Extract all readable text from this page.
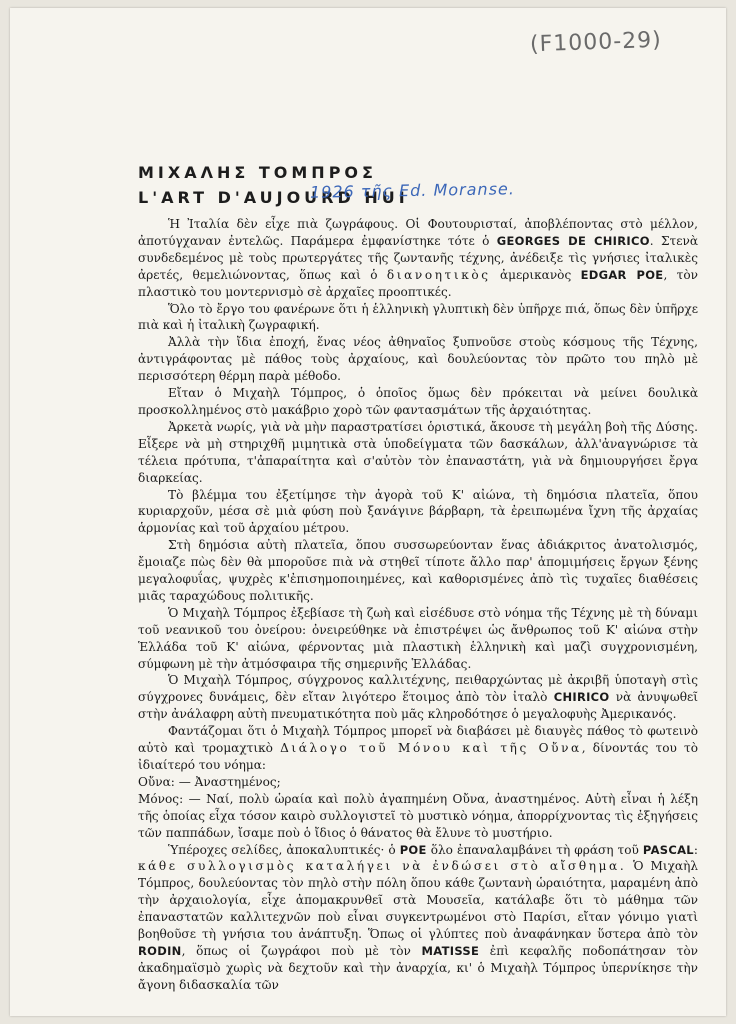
(F1000-29)
ΜΙΧΑΛΗΣ ΤΟΜΠΡΟΣ
L'ART D'AUJOURD HUI
1926 τῆς Ed. Moranse.

Ἡ Ἰταλία δὲν εἶχε πιὰ ζωγράφους. Οἱ Φουτουρισταί, ἀποβλέποντας στὸ μέλλον, ἀποτύγχαναν ἐντελῶς. Παράμερα ἐμφανίστηκε τότε ὁ GEORGES DE CHIRICO. Στενὰ συνδεδεμένος μὲ τοὺς πρωτεργάτες τῆς ζωντανῆς τέχνης, ἀνέδειξε τὶς γνήσιες ἰταλικὲς ἀρετές, θεμελιώνοντας, ὅπως καὶ ὁ διανοητικὸς ἀμερικανὸς EDGAR POE, τὸν πλαστικὸ του μοντερνισμὸ σὲ ἀρχαῖες προοπτικές.

Ὅλο τὸ ἔργο του φανέρωνε ὅτι ἡ ἑλληνικὴ γλυπτικὴ δὲν ὑπῆρχε πιά, ὅπως δὲν ὑπῆρχε πιὰ καὶ ἡ ἰταλικὴ ζωγραφική.

Ἀλλὰ τὴν ἴδια ἐποχή, ἕνας νέος ἀθηναῖος ξυπνοῦσε στοὺς κόσμους τῆς Τέχνης, ἀντιγράφοντας μὲ πάθος τοὺς ἀρχαίους, καὶ δουλεύοντας τὸν πρῶτο του πηλὸ μὲ περισσότερη θέρμη παρὰ μέθοδο.

Εἴταν ὁ Μιχαὴλ Τόμπρος, ὁ ὁποῖος ὅμως δὲν πρόκειται νὰ μείνει δουλικὰ προσκολλημένος στὸ μακάβριο χορὸ τῶν φαντασμάτων τῆς ἀρχαιότητας.

Ἀρκετὰ νωρίς, γιὰ νὰ μὴν παραστρατίσει ὁριστικά, ἄκουσε τὴ μεγάλη βοὴ τῆς Δύσης. Εἶξερε νὰ μὴ στηριχθῆ μιμητικὰ στὰ ὑποδείγματα τῶν δασκάλων, ἀλλ'ἀναγνώρισε τὰ τέλεια πρότυπα, τ'ἀπαραίτητα καὶ σ'αὐτὸν τὸν ἐπαναστάτη, γιὰ νὰ δημιουργήσει ἔργα διαρκείας.

Τὸ βλέμμα του ἐξετίμησε τὴν ἀγορὰ τοῦ Κ' αἰώνα, τὴ δημόσια πλατεῖα, ὅπου κυριαρχοῦν, μέσα σὲ μιὰ φύση ποὺ ξανάγινε βάρβαρη, τὰ ἐρειπωμένα ἴχνη τῆς ἀρχαίας ἁρμονίας καὶ τοῦ ἀρχαίου μέτρου.

Στὴ δημόσια αὐτὴ πλατεῖα, ὅπου συσσωρεύονταν ἕνας ἀδιάκριτος ἀνατολισμός, ἔμοιαζε πὼς δὲν θὰ μποροῦσε πιὰ νὰ στηθεῖ τίποτε ἄλλο παρ' ἀπομιμήσεις ἔργων ξένης μεγαλοφυΐας, ψυχρὲς κ'ἐπισημοποιημένες, καὶ καθορισμένες ἀπὸ τὶς τυχαῖες διαθέσεις μιᾶς ταραχώδους πολιτικῆς.

Ὁ Μιχαὴλ Τόμπρος ἐξεβίασε τὴ ζωὴ καὶ εἰσέδυσε στὸ νόημα τῆς Τέχνης μὲ τὴ δύναμι τοῦ νεανικοῦ του ὀνείρου: ὀνειρεύθηκε νὰ ἐπιστρέψει ὡς ἄνθρωπος τοῦ Κ' αἰώνα στὴν Ἑλλάδα τοῦ Κ' αἰώνα, φέρνοντας μιὰ πλαστικὴ ἑλληνικὴ καὶ μαζὶ συγχρονισμένη, σύμφωνη μὲ τὴν ἀτμόσφαιρα τῆς σημερινῆς Ἑλλάδας.

Ὁ Μιχαὴλ Τόμπρος, σύγχρονος καλλιτέχνης, πειθαρχώντας μὲ ἀκριβῆ ὑποταγὴ στὶς σύγχρονες δυνάμεις, δὲν εἴταν λιγότερο ἕτοιμος ἀπὸ τὸν ἰταλὸ CHIRICO νὰ ἀνυψωθεῖ στὴν ἀνάλαφρη αὐτὴ πνευματικότητα ποὺ μᾶς κληροδότησε ὁ μεγαλοφυὴς Ἀμερικανός.

Φαντάζομαι ὅτι ὁ Μιχαὴλ Τόμπρος μπορεῖ νὰ διαβάσει μὲ διαυγὲς πάθος τὸ φωτεινὸ αὐτὸ καὶ τρομαχτικὸ Διάλογο τοῦ Μόνου καὶ τῆς Οὔνα, δίνοντάς του τὸ ἰδιαίτερό του νόημα:

Οὔνα: — Ἀναστημένος;

Μόνος: — Ναί, πολὺ ὡραία καὶ πολὺ ἀγαπημένη Οὔνα, ἀναστημένος. Αὐτὴ εἶναι ἡ λέξη τῆς ὁποίας εἶχα τόσον καιρὸ συλλογιστεῖ τὸ μυστικὸ νόημα, ἀπορρίχνοντας τὶς ἐξηγήσεις τῶν παππάδων, ἴσαμε ποὺ ὁ ἴδιος ὁ θάνατος θὰ ἔλυνε τὸ μυστήριο.

Ὑπέροχες σελίδες, ἀποκαλυπτικές· ὁ POE ὅλο ἐπαναλαμβάνει τὴ φράση τοῦ PASCAL: κάθε συλλογισμὸς καταλήγει νὰ ἐνδώσει στὸ αἴσθημα. Ὁ Μιχαὴλ Τόμπρος, δουλεύοντας τὸν πηλὸ στὴν πόλη ὅπου κάθε ζωντανὴ ὡραιότητα, μαραμένη ἀπὸ τὴν ἀρχαιολογία, εἶχε ἀπομακρυνθεῖ στὰ Μουσεῖα, κατάλαβε ὅτι τὸ μάθημα τῶν ἐπαναστατῶν καλλιτεχνῶν ποὺ εἶναι συγκεντρωμένοι στὸ Παρίσι, εἴταν γόνιμο γιατὶ βοηθοῦσε τὴ γνήσια του ἀνάπτυξη. Ὅπως οἱ γλύπτες ποὺ ἀναφάνηκαν ὕστερα ἀπὸ τὸν RODIN, ὅπως οἱ ζωγράφοι ποὺ μὲ τὸν MATISSE ἐπὶ κεφαλῆς ποδοπάτησαν τὸν ἀκαδημαϊσμὸ χωρὶς νὰ δεχτοῦν καὶ τὴν ἀναρχία, κι' ὁ Μιχαὴλ Τόμπρος ὑπερνίκησε τὴν ἄγονη διδασκαλία τῶν
